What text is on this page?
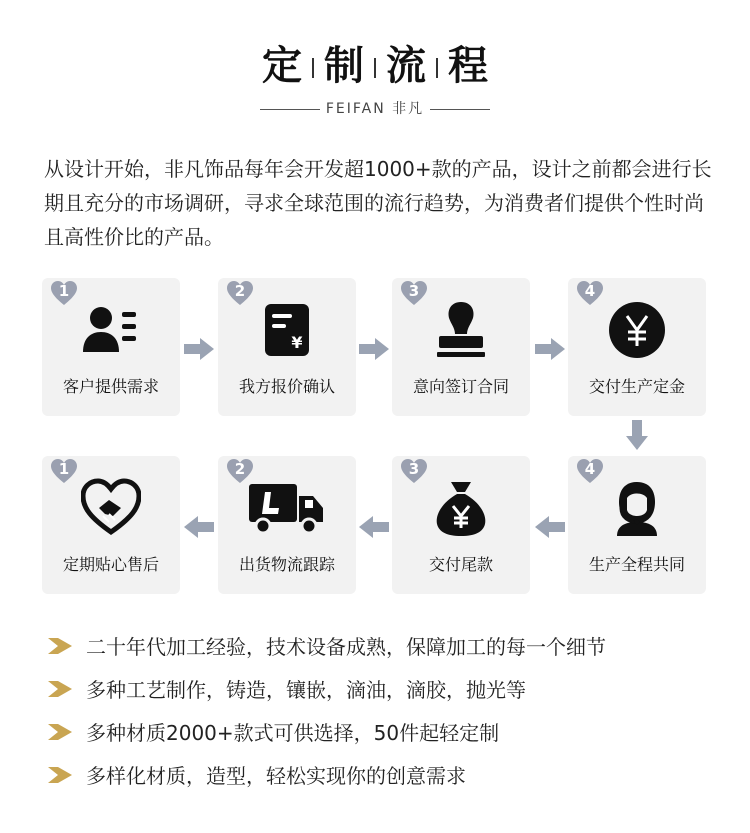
定 制 流 程
FEIFAN 非凡
从设计开始，非凡饰品每年会开发超1000+款的产品，设计之前都会进行长期且充分的市场调研，寻求全球范围的流行趋势，为消费者们提供个性时尚且高性价比的产品。
1
客户提供需求
2
¥
我方报价确认
3
意向签订合同
4
交付生产定金
1
定期贴心售后
2
出货物流跟踪
3
交付尾款
4
生产全程共同
二十年代加工经验，技术设备成熟，保障加工的每一个细节
多种工艺制作，铸造，镶嵌，滴油，滴胶，抛光等
多种材质2000+款式可供选择，50件起轻定制
多样化材质，造型，轻松实现你的创意需求
